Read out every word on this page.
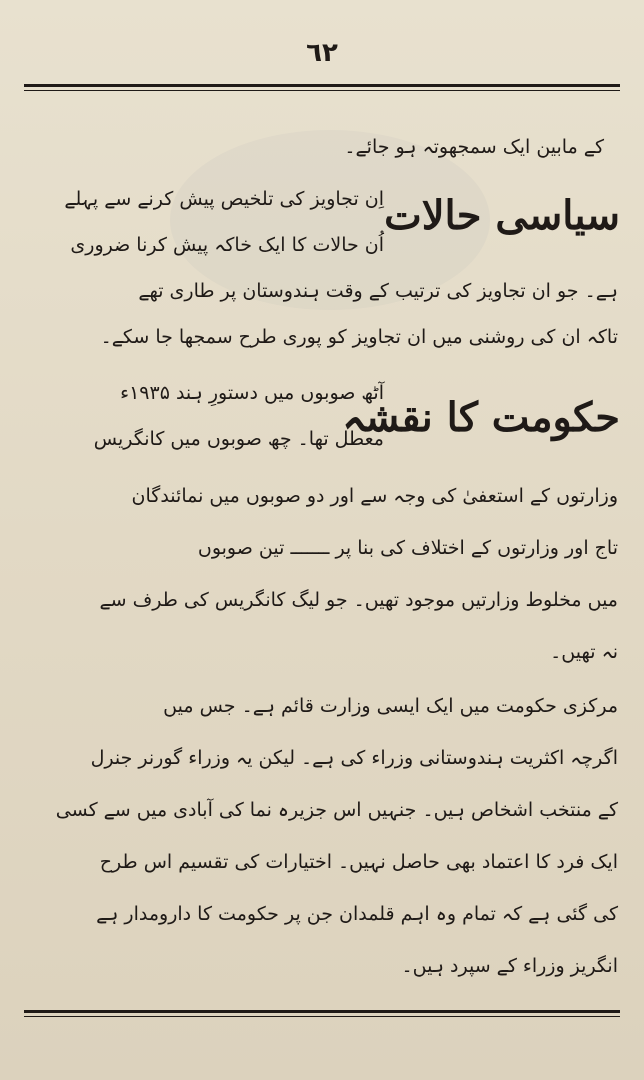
٦٢
کے مابین ایک سمجھوتہ ہو جائے۔
سیاسی حالات
اِن تجاویز کی تلخیص پیش کرنے سے پہلے
اُن حالات کا ایک خاکہ پیش کرنا ضروری
ہے۔ جو ان تجاویز کی ترتیب کے وقت ہندوستان پر طاری تھے
تاکہ ان کی روشنی میں ان تجاویز کو پوری طرح سمجھا جا سکے۔
حکومت کا نقشہ
آٹھ صوبوں میں دستورِ ہند ۱۹۳۵ء
معطل تھا۔ چھ صوبوں میں کانگریس
وزارتوں کے استعفیٰ کی وجہ سے اور دو صوبوں میں نمائندگان
تاج اور وزارتوں کے اختلاف کی بنا پر ـــــــ تین صوبوں
میں مخلوط وزارتیں موجود تھیں۔ جو لیگ کانگریس کی طرف سے
نہ تھیں۔
مرکزی حکومت میں ایک ایسی وزارت قائم ہے۔ جس میں
اگرچہ اکثریت ہندوستانی وزراء کی ہے۔ لیکن یہ وزراء گورنر جنرل
کے منتخب اشخاص ہیں۔ جنہیں اس جزیرہ نما کی آبادی میں سے کسی
ایک فرد کا اعتماد بھی حاصل نہیں۔ اختیارات کی تقسیم اس طرح
کی گئی ہے کہ تمام وہ اہم قلمدان جن پر حکومت کا دارومدار ہے
انگریز وزراء کے سپرد ہیں۔
